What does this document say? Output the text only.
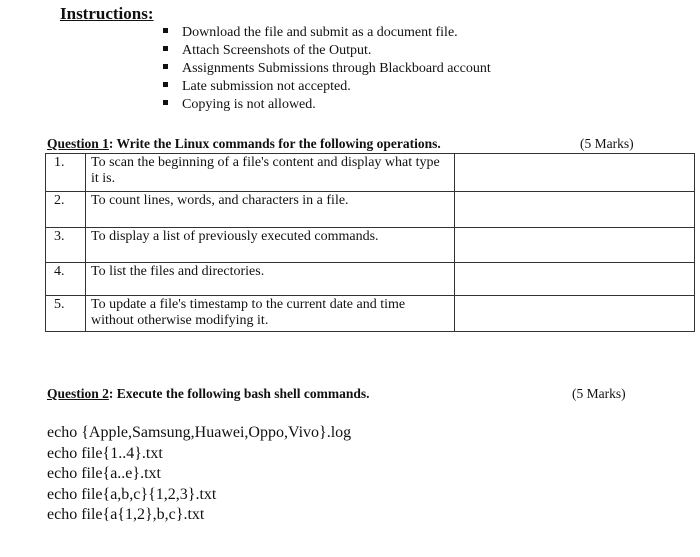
Instructions:
Download the file and submit as a document file.
Attach Screenshots of the Output.
Assignments Submissions through Blackboard account
Late submission not accepted.
Copying is not allowed.
Question 1: Write the Linux commands for the following operations.	(5 Marks)
1.	To scan the beginning of a file's content and display what type it is.	
2.	To count lines, words, and characters in a file.	
3.	To display a list of previously executed commands.	
4.	To list the files and directories.	
5.	To update a file's timestamp to the current date and time without otherwise modifying it.	
Question 2: Execute the following bash shell commands.	(5 Marks)
echo {Apple,Samsung,Huawei,Oppo,Vivo}.log
echo file{1..4}.txt
echo file{a..e}.txt
echo file{a,b,c}{1,2,3}.txt
echo file{a{1,2},b,c}.txt
